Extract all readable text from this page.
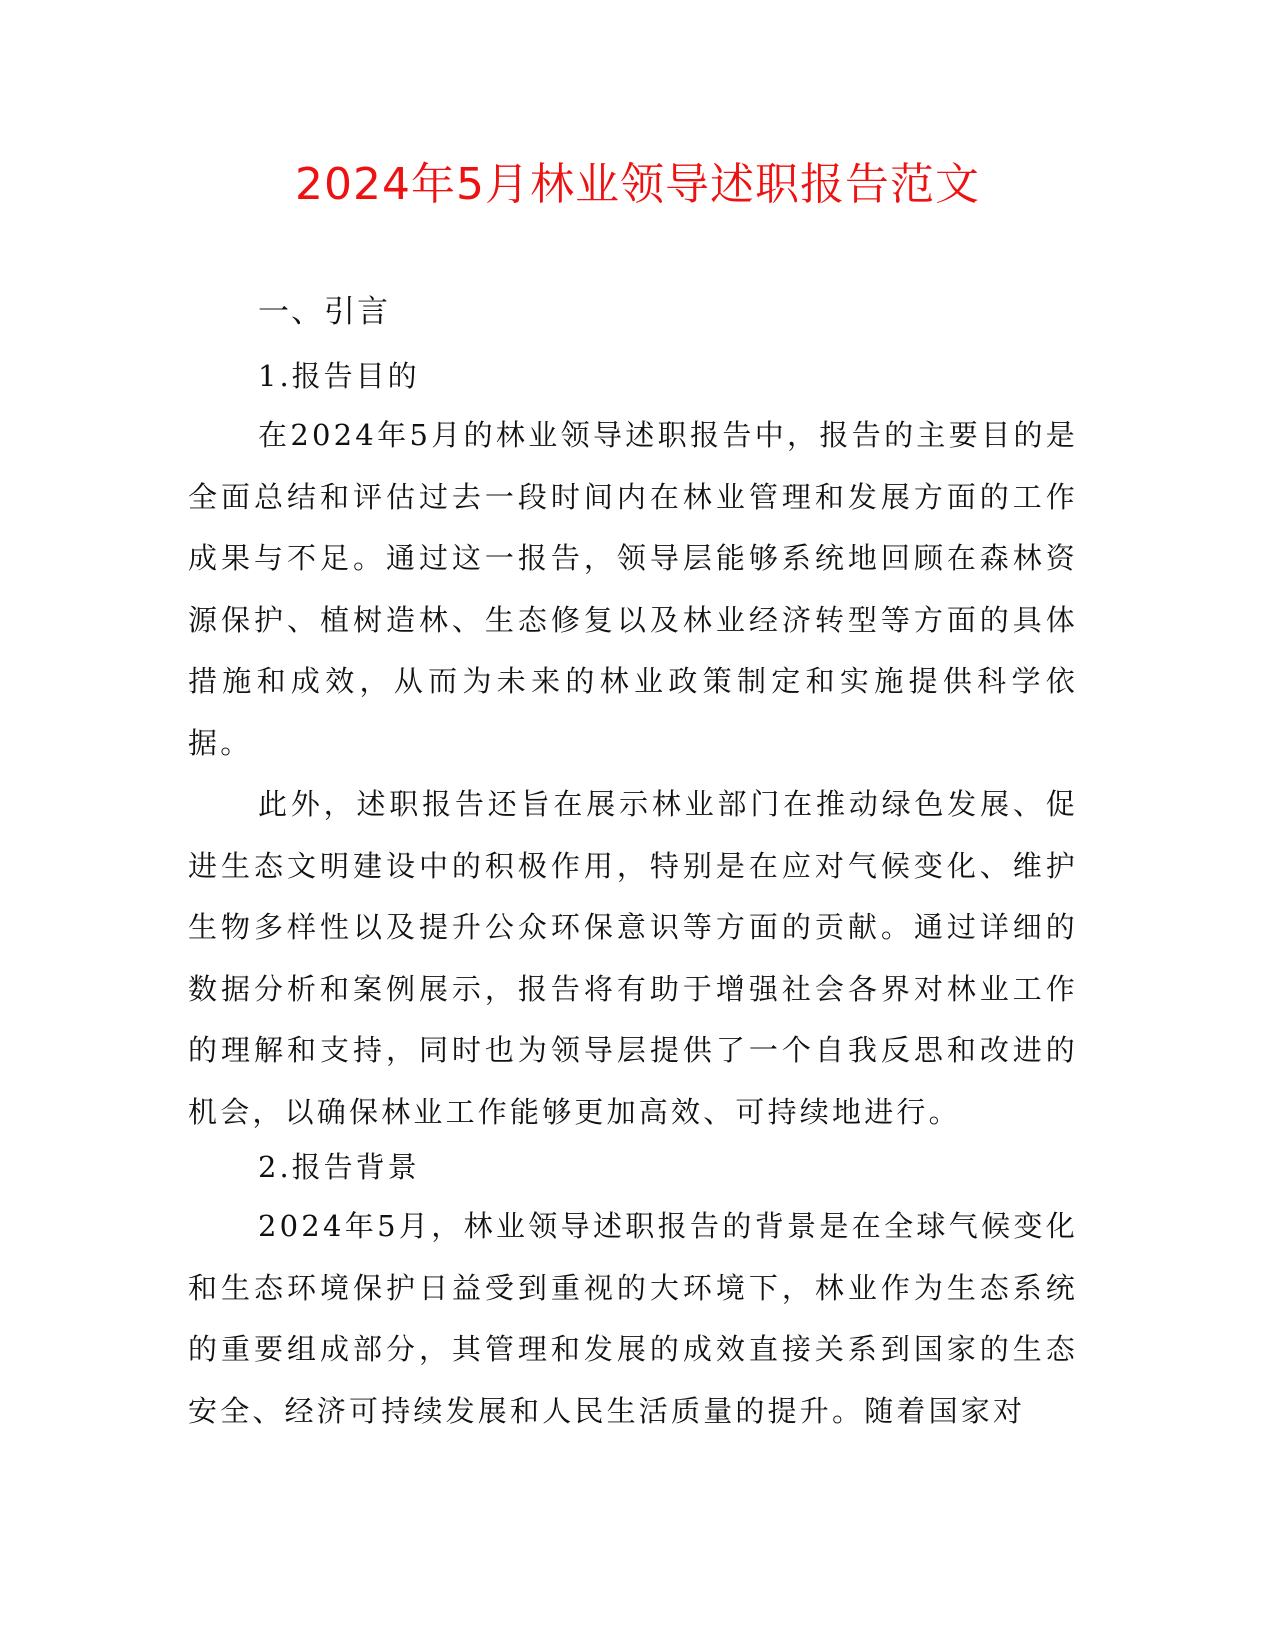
2024年5月林业领导述职报告范文
一、引言
1.报告目的

在2024年5月的林业领导述职报告中，报告的主要目的是全面总结和评估过去一段时间内在林业管理和发展方面的工作成果与不足。通过这一报告，领导层能够系统地回顾在森林资源保护、植树造林、生态修复以及林业经济转型等方面的具体措施和成效，从而为未来的林业政策制定和实施提供科学依据。

此外，述职报告还旨在展示林业部门在推动绿色发展、促进生态文明建设中的积极作用，特别是在应对气候变化、维护生物多样性以及提升公众环保意识等方面的贡献。通过详细的数据分析和案例展示，报告将有助于增强社会各界对林业工作的理解和支持，同时也为领导层提供了一个自我反思和改进的机会，以确保林业工作能够更加高效、可持续地进行。

2.报告背景

2024年5月，林业领导述职报告的背景是在全球气候变化和生态环境保护日益受到重视的大环境下，林业作为生态系统的重要组成部分，其管理和发展的成效直接关系到国家的生态安全、经济可持续发展和人民生活质量的提升。随着国家对
